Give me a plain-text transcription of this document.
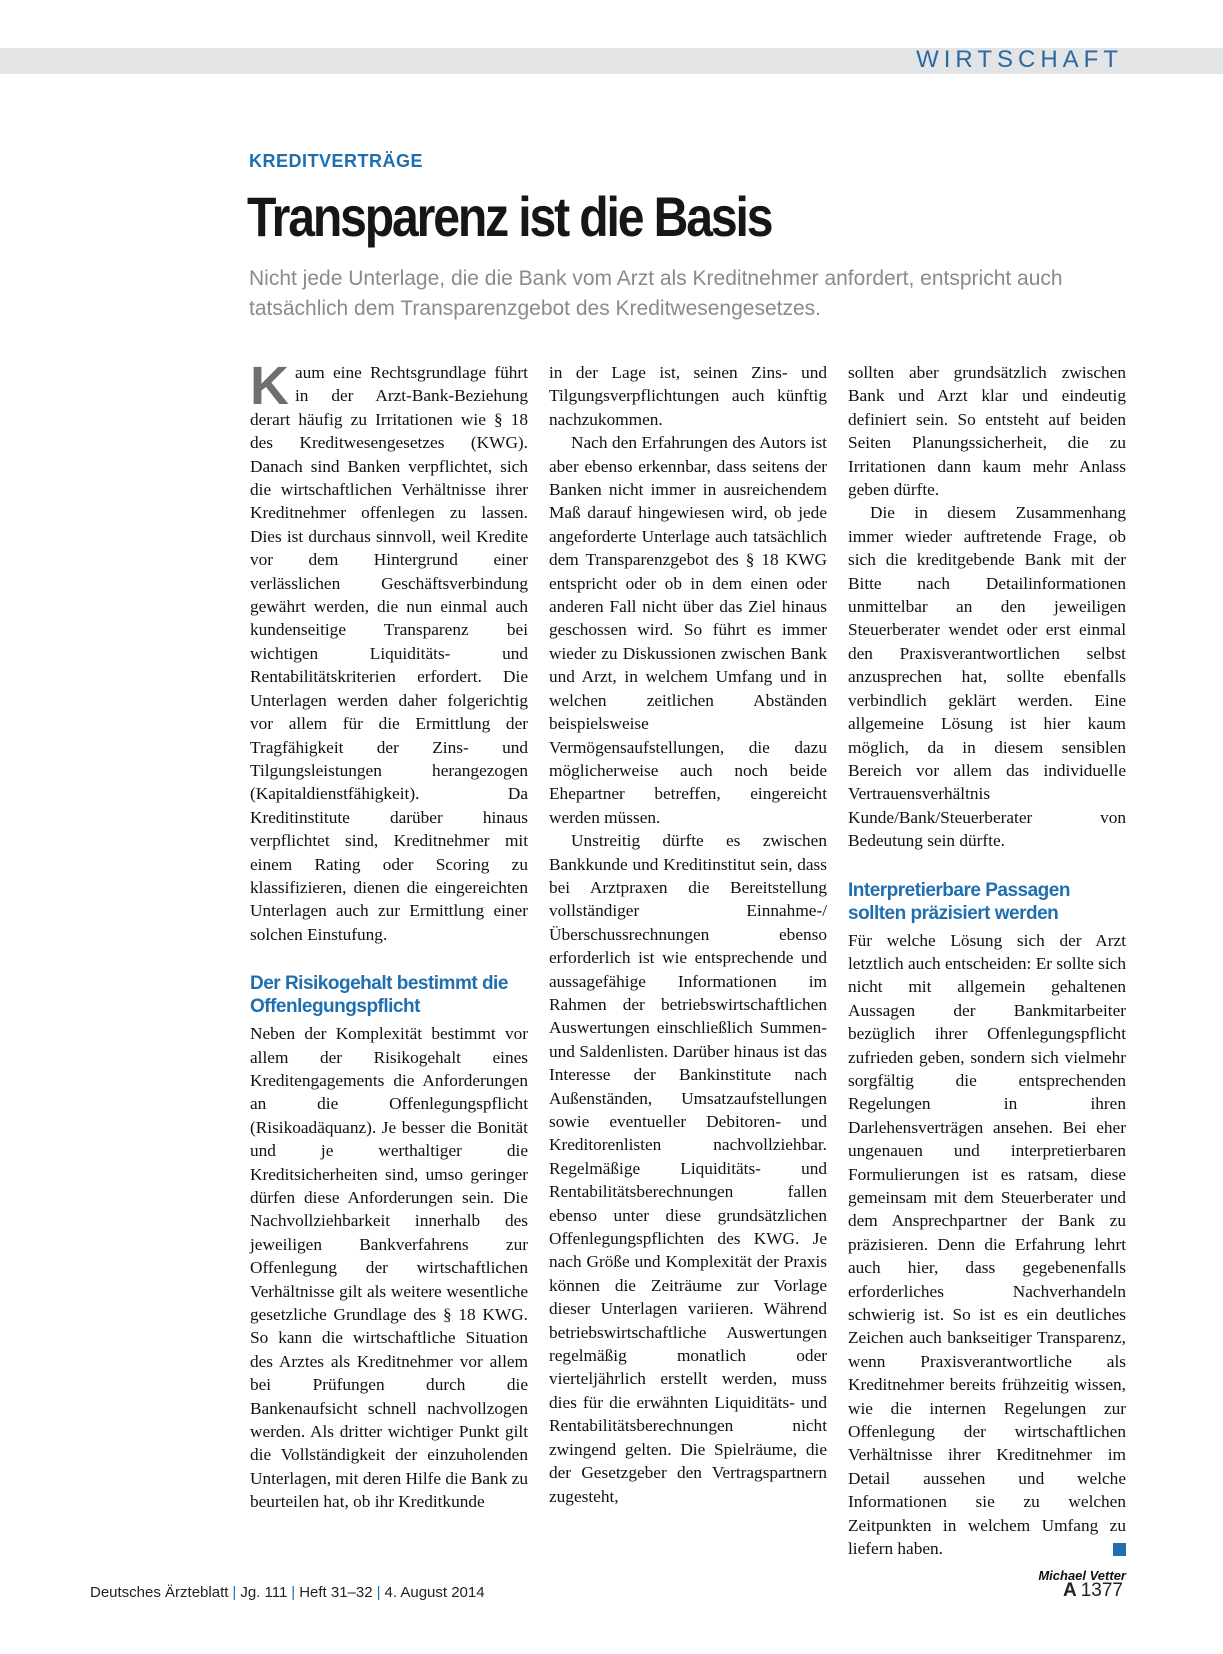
WIRTSCHAFT
KREDITVERTRÄGE
Transparenz ist die Basis
Nicht jede Unterlage, die die Bank vom Arzt als Kreditnehmer anfordert, entspricht auch tatsächlich dem Transparenzgebot des Kreditwesengesetzes.

Kaum eine Rechtsgrundlage führt in der Arzt-Bank-Beziehung derart häufig zu Irritationen wie § 18 des Kreditwesengesetzes (KWG). Danach sind Banken verpflichtet, sich die wirtschaftlichen Verhältnisse ihrer Kreditnehmer offenlegen zu lassen. Dies ist durchaus sinnvoll, weil Kredite vor dem Hintergrund einer verlässlichen Geschäftsverbindung gewährt werden, die nun einmal auch kundenseitige Transparenz bei wichtigen Liquiditäts- und Rentabilitätskriterien erfordert. Die Unterlagen werden daher folgerichtig vor allem für die Ermittlung der Tragfähigkeit der Zins- und Tilgungsleistungen herangezogen (Kapitaldienstfähigkeit). Da Kreditinstitute darüber hinaus verpflichtet sind, Kreditnehmer mit einem Rating oder Scoring zu klassifizieren, dienen die eingereichten Unterlagen auch zur Ermittlung einer solchen Einstufung.

Der Risikogehalt bestimmt die Offenlegungspflicht

Neben der Komplexität bestimmt vor allem der Risikogehalt eines Kreditengagements die Anforderungen an die Offenlegungspflicht (Risikoadäquanz). Je besser die Bonität und je werthaltiger die Kreditsicherheiten sind, umso geringer dürfen diese Anforderungen sein. Die Nachvollziehbarkeit innerhalb des jeweiligen Bankverfahrens zur Offenlegung der wirtschaftlichen Verhältnisse gilt als weitere wesentliche gesetzliche Grundlage des § 18 KWG. So kann die wirtschaftliche Situation des Arztes als Kreditnehmer vor allem bei Prüfungen durch die Bankenaufsicht schnell nachvollzogen werden. Als dritter wichtiger Punkt gilt die Vollständigkeit der einzuholenden Unterlagen, mit deren Hilfe die Bank zu beurteilen hat, ob ihr Kreditkunde

in der Lage ist, seinen Zins- und Tilgungsverpflichtungen auch künftig nachzukommen.

Nach den Erfahrungen des Autors ist aber ebenso erkennbar, dass seitens der Banken nicht immer in ausreichendem Maß darauf hingewiesen wird, ob jede angeforderte Unterlage auch tatsächlich dem Transparenzgebot des § 18 KWG entspricht oder ob in dem einen oder anderen Fall nicht über das Ziel hinaus geschossen wird. So führt es immer wieder zu Diskussionen zwischen Bank und Arzt, in welchem Umfang und in welchen zeitlichen Abständen beispielsweise Vermögensaufstellungen, die dazu möglicherweise auch noch beide Ehepartner betreffen, eingereicht werden müssen.

Unstreitig dürfte es zwischen Bankkunde und Kreditinstitut sein, dass bei Arztpraxen die Bereitstellung vollständiger Einnahme-/Überschussrechnungen ebenso erforderlich ist wie entsprechende und aussagefähige Informationen im Rahmen der betriebswirtschaftlichen Auswertungen einschließlich Summen- und Saldenlisten. Darüber hinaus ist das Interesse der Bankinstitute nach Außenständen, Umsatzaufstellungen sowie eventueller Debitoren- und Kreditorenlisten nachvollziehbar. Regelmäßige Liquiditäts- und Rentabilitätsberechnungen fallen ebenso unter diese grundsätzlichen Offenlegungspflichten des KWG. Je nach Größe und Komplexität der Praxis können die Zeiträume zur Vorlage dieser Unterlagen variieren. Während betriebswirtschaftliche Auswertungen regelmäßig monatlich oder vierteljährlich erstellt werden, muss dies für die erwähnten Liquiditäts- und Rentabilitätsberechnungen nicht zwingend gelten. Die Spielräume, die der Gesetzgeber den Vertragspartnern zugesteht,

sollten aber grundsätzlich zwischen Bank und Arzt klar und eindeutig definiert sein. So entsteht auf beiden Seiten Planungssicherheit, die zu Irritationen dann kaum mehr Anlass geben dürfte.

Die in diesem Zusammenhang immer wieder auftretende Frage, ob sich die kreditgebende Bank mit der Bitte nach Detailinformationen unmittelbar an den jeweiligen Steuerberater wendet oder erst einmal den Praxisverantwortlichen selbst anzusprechen hat, sollte ebenfalls verbindlich geklärt werden. Eine allgemeine Lösung ist hier kaum möglich, da in diesem sensiblen Bereich vor allem das individuelle Vertrauensverhältnis Kunde/Bank/Steuerberater von Bedeutung sein dürfte.

Interpretierbare Passagen sollten präzisiert werden

Für welche Lösung sich der Arzt letztlich auch entscheiden: Er sollte sich nicht mit allgemein gehaltenen Aussagen der Bankmitarbeiter bezüglich ihrer Offenlegungspflicht zufrieden geben, sondern sich vielmehr sorgfältig die entsprechenden Regelungen in ihren Darlehensverträgen ansehen. Bei eher ungenauen und interpretierbaren Formulierungen ist es ratsam, diese gemeinsam mit dem Steuerberater und dem Ansprechpartner der Bank zu präzisieren. Denn die Erfahrung lehrt auch hier, dass gegebenenfalls erforderliches Nachverhandeln schwierig ist. So ist es ein deutliches Zeichen auch bankseitiger Transparenz, wenn Praxisverantwortliche als Kreditnehmer bereits frühzeitig wissen, wie die internen Regelungen zur Offenlegung der wirtschaftlichen Verhältnisse ihrer Kreditnehmer im Detail aussehen und welche Informationen sie zu welchen Zeitpunkten in welchem Umfang zu liefern haben.

Michael Vetter
Deutsches Ärzteblatt | Jg. 111 | Heft 31–32 | 4. August 2014	A 1377
